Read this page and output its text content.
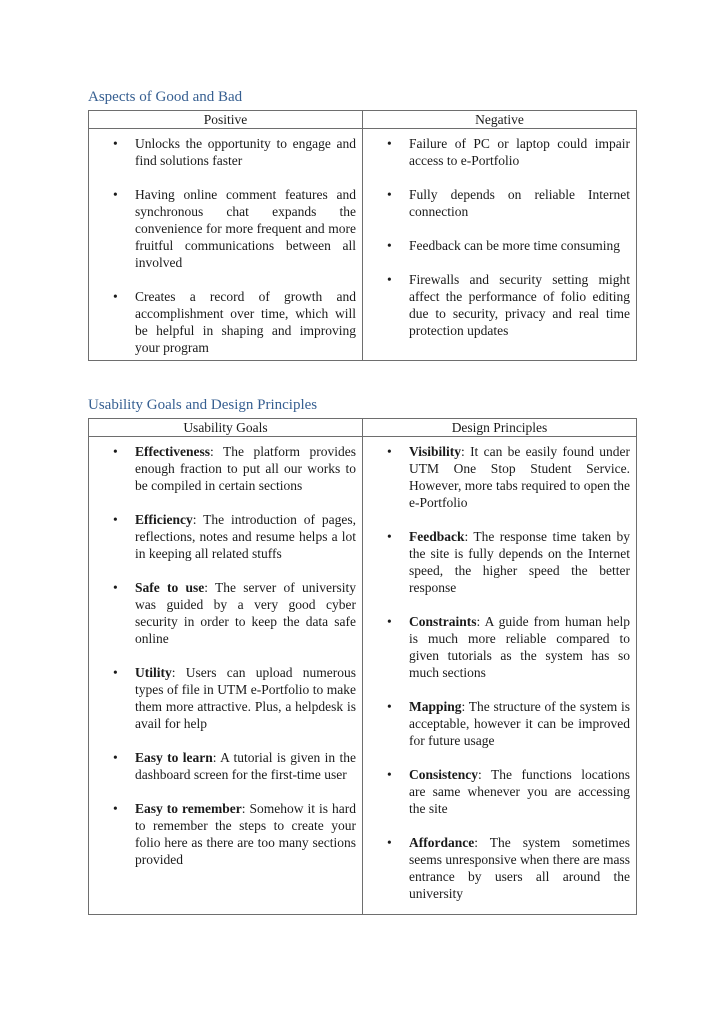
Aspects of Good and Bad
Positive	Negative

• Unlocks the opportunity to engage and find solutions faster
• Having online comment features and synchronous chat expands the convenience for more frequent and more fruitful communications between all involved
• Creates a record of growth and accomplishment over time, which will be helpful in shaping and improving your program

• Failure of PC or laptop could impair access to e-Portfolio
• Fully depends on reliable Internet connection
• Feedback can be more time consuming
• Firewalls and security setting might affect the performance of folio editing due to security, privacy and real time protection updates
Usability Goals and Design Principles
Usability Goals	Design Principles

• Effectiveness: The platform provides enough fraction to put all our works to be compiled in certain sections
• Efficiency: The introduction of pages, reflections, notes and resume helps a lot in keeping all related stuffs
• Safe to use: The server of university was guided by a very good cyber security in order to keep the data safe online
• Utility: Users can upload numerous types of file in UTM e-Portfolio to make them more attractive. Plus, a helpdesk is avail for help
• Easy to learn: A tutorial is given in the dashboard screen for the first-time user
• Easy to remember: Somehow it is hard to remember the steps to create your folio here as there are too many sections provided

• Visibility: It can be easily found under UTM One Stop Student Service. However, more tabs required to open the e-Portfolio
• Feedback: The response time taken by the site is fully depends on the Internet speed, the higher speed the better response
• Constraints: A guide from human help is much more reliable compared to given tutorials as the system has so much sections
• Mapping: The structure of the system is acceptable, however it can be improved for future usage
• Consistency: The functions locations are same whenever you are accessing the site
• Affordance: The system sometimes seems unresponsive when there are mass entrance by users all around the university
